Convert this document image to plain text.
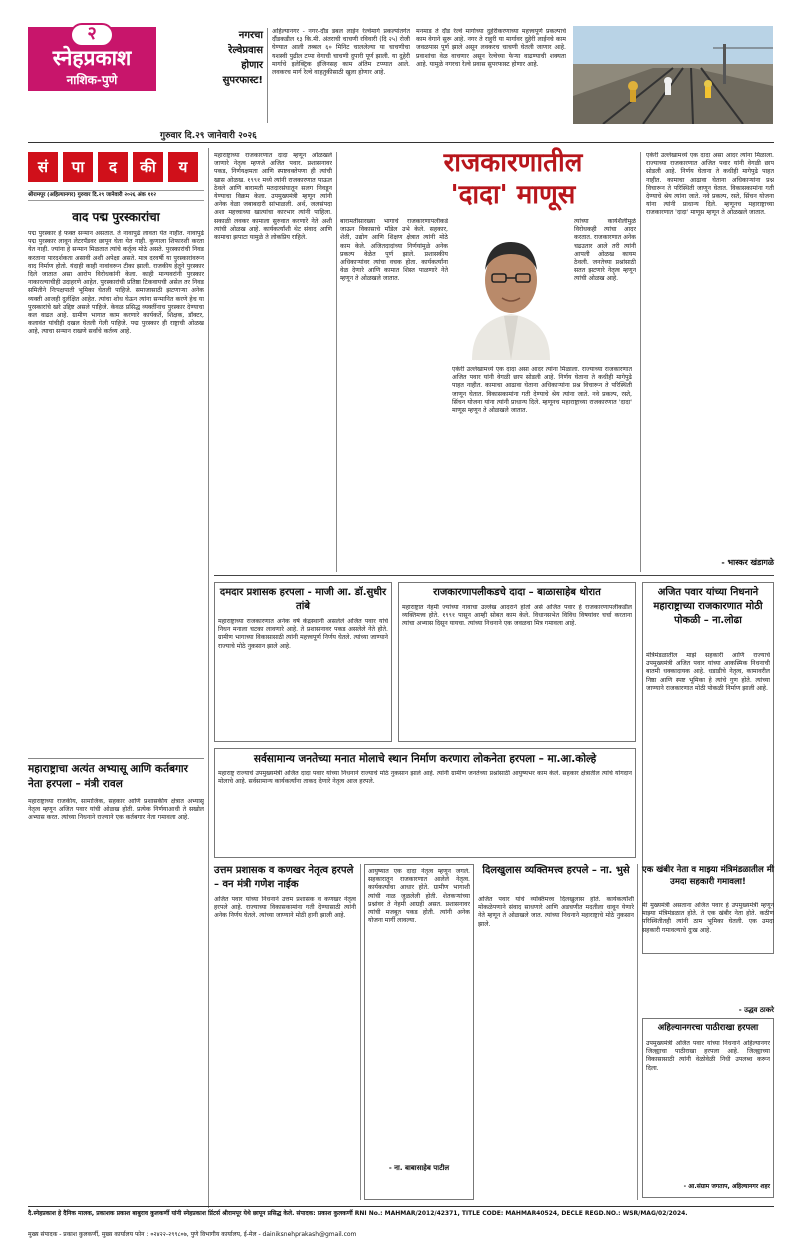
२
स्नेहप्रकाश
नाशिक-पुणे
गुरुवार दि.२९ जानेवारी २०२६
नगरचा
रेल्वेप्रवास
होणार
सुपरफास्ट!
अहिल्यानगर - नगर-दौंड डबल लाईन रेल्वेमार्ग प्रकल्पांतर्गत दौंडकडील १३ कि.मी. अंतराची चाचणी रविवारी (दि २५) रोजी घेण्यात आली तब्बल ६० मिनिट चाललेल्या या चाचणीचा यशस्वी पुढील टप्पा वेगाची चाचणी दुपारी पूर्ण झाली. या दुहेरी मार्गाचे इलेक्ट्रिक इंजिनसह काम अंतिम टप्प्यात आले. लवकरच मार्ग रेल्वे वाहतुकीसाठी खुला होणार आहे.
मनमाड ते दौंड रेल्वे मार्गाच्या दुहेरीकरणाच्या महत्त्वपूर्ण प्रकल्पाचे काम वेगाने सुरू आहे. नगर ते राहुरी या मार्गावर दुहेरी लाईनचे काम जवळपास पूर्ण झाले असून लवकरच चाचणी घेतली जाणार आहे. प्रवाशांचा वेळ वाचणार असून रेल्वेच्या फेऱ्या वाढण्याची शक्यता आहे. यामुळे नगरचा रेल्वे प्रवास सुपरफास्ट होणार आहे.
सं	पा	द	की	य
श्रीरामपूर (अहिल्यानगर) गुरुवार दि.२९ जानेवारी २०२६ अंक ११२
वाद पद्म पुरस्कारांचा
पद्म पुरस्कार हे फक्त सन्मान असतात. ते नावापुढे लावता येत नाहीत. नावापुढे पद्म पुरस्कार लावून लेटरपॅडवर छापून घेता येत नाही. कुणाला शिफारशी करता येत नाही. ज्यांना हे सन्मान मिळतात त्यांचे कर्तृत्व मोठे असते. पुरस्कारांची निवड करताना पारदर्शकता असावी अशी अपेक्षा असते. मात्र दरवर्षी या पुरस्कारांवरून वाद निर्माण होतो. यंदाही काही नावांवरून टीका झाली. राजकीय हेतूने पुरस्कार दिले जातात असा आरोप विरोधकांनी केला. काही मान्यवरांनी पुरस्कार नाकारल्याचीही उदाहरणे आहेत. पुरस्कारांची प्रतिष्ठा टिकवायची असेल तर निवड समितीने निःपक्षपाती भूमिका घेतली पाहिजे. समाजासाठी झटणाऱ्या अनेक व्यक्ती आजही दुर्लक्षित आहेत. त्यांचा शोध घेऊन त्यांना सन्मानित करणे हेच या पुरस्कारांचे खरे उद्दिष्ट असले पाहिजे. केवळ प्रसिद्ध व्यक्तींनाच पुरस्कार देण्याचा कल वाढत आहे. ग्रामीण भागात काम करणारे कार्यकर्ते, शिक्षक, डॉक्टर, कलावंत यांचीही दखल घेतली गेली पाहिजे. पद्म पुरस्कार ही राष्ट्राची ओळख आहे, त्याचा सन्मान राखणे सर्वांचे कर्तव्य आहे.
महाराष्ट्राचा अत्यंत अभ्यासू आणि कर्तबगार नेता हरपला – मंत्री रावल
महाराष्ट्राच्या राजकीय, सामाजिक, सहकार आणि प्रशासकीय क्षेत्रात अभ्यासू नेतृत्व म्हणून अजित पवार यांची ओळख होती. प्रत्येक निर्णयाआधी ते सखोल अभ्यास करत. त्यांच्या निधनाने राज्याने एक कर्तबगार नेता गमावला आहे.
महाराष्ट्राच्या राजकारणात दादा म्हणून ओळखले जाणारे नेतृत्व म्हणजे अजित पवार. प्रशासनावर पकड, निर्णयक्षमता आणि स्पष्टवक्तेपणा ही त्यांची खास ओळख. १९९१ मध्ये त्यांनी राजकारणात पाऊल ठेवले आणि बारामती मतदारसंघातून सलग निवडून येण्याचा विक्रम केला. उपमुख्यमंत्री म्हणून त्यांनी अनेक वेळा जबाबदारी सांभाळली. अर्थ, जलसंपदा अशा महत्त्वाच्या खात्यांचा कारभार त्यांनी पाहिला. सकाळी लवकर कामाला सुरुवात करणारे नेते अशी त्यांची ओळख आहे. कार्यकर्त्यांशी थेट संवाद आणि कामाचा झपाटा यामुळे ते लोकप्रिय राहिले.
राजकारणातील
'दादा' माणूस
बारामतीसारख्या भागाचे राजकारणापलीकडे जाऊन विकासाचे मॉडेल उभे केले. सहकार, शेती, उद्योग आणि शिक्षण क्षेत्रात त्यांनी मोठे काम केले. अजितदादांच्या निर्णयांमुळे अनेक प्रकल्प वेळेत पूर्ण झाले. प्रशासकीय अधिकाऱ्यांवर त्यांचा वचक होता. कार्यकर्त्यांना वेळ देणारे आणि कामात शिस्त पाळणारे नेते म्हणून ते ओळखले जातात.
त्यांच्या कार्यशैलीमुळे विरोधकही त्यांचा आदर करतात. राजकारणात अनेक चढउतार आले तरी त्यांनी आपली ओळख कायम ठेवली. जनतेच्या प्रश्नांसाठी सतत झटणारे नेतृत्व म्हणून त्यांची ओळख आहे.
एकेरी उल्लेखामध्ये एक दादा असा आदर त्यांना मिळाला. राज्याच्या राजकारणात अजित पवार यांनी वेगळी छाप सोडली आहे. निर्णय घेताना ते कधीही मागेपुढे पाहत नाहीत. कामाचा आढावा घेताना अधिकाऱ्यांना प्रश्न विचारून ते परिस्थिती जाणून घेतात. विकासकामांना गती देण्याचे श्रेय त्यांना जाते. नवे प्रकल्प, रस्ते, सिंचन योजना यांना त्यांनी प्राधान्य दिले. म्हणूनच महाराष्ट्राच्या राजकारणात 'दादा' माणूस म्हणून ते ओळखले जातात.
एकेरी उल्लेखामध्ये एक दादा असा आदर त्यांना मिळाला. राज्याच्या राजकारणात अजित पवार यांनी वेगळी छाप सोडली आहे. निर्णय घेताना ते कधीही मागेपुढे पाहत नाहीत. कामाचा आढावा घेताना अधिकाऱ्यांना प्रश्न विचारून ते परिस्थिती जाणून घेतात. विकासकामांना गती देण्याचे श्रेय त्यांना जाते. नवे प्रकल्प, रस्ते, सिंचन योजना यांना त्यांनी प्राधान्य दिले. म्हणूनच महाराष्ट्राच्या राजकारणात 'दादा' माणूस म्हणून ते ओळखले जातात.
- भास्कर खंडागळे
दमदार प्रशासक हरपला - माजी आ. डॉ.सुधीर तांबे
महाराष्ट्राच्या राजकारणात अनेक वर्षे केंद्रस्थानी असलेले अजित पवार यांचे निधन मनाला चटका लावणारे आहे. ते प्रशासनावर पकड असलेले नेते होते. ग्रामीण भागाच्या विकासासाठी त्यांनी महत्त्वपूर्ण निर्णय घेतले. त्यांच्या जाण्याने राज्याचे मोठे नुकसान झाले आहे.
राजकारणापलीकडचे दादा – बाळासाहेब थोरात
महाराष्ट्रात नेहमी ज्यांच्या नावाचा उल्लेख आदराने होतो असे अजित पवार हे राजकारणापलीकडील व्यक्तिमत्त्व होते. १९९१ पासून आम्ही सोबत काम केले. विधानसभेत विविध विषयांवर चर्चा करताना त्यांचा अभ्यास दिसून यायचा. त्यांच्या निधनाने एक जवळचा मित्र गमावला आहे.
अजित पवार यांच्या निधनाने महाराष्ट्राच्या राजकारणात मोठी पोकळी – ना.लोढा
मंत्रिमंडळातील माझे सहकारी आणि राज्याचे उपमुख्यमंत्री अजित पवार यांच्या आकस्मिक निधनाची बातमी धक्कादायक आहे. धडाडीचे नेतृत्व, कामावरील निष्ठा आणि स्पष्ट भूमिका हे त्यांचे गुण होते. त्यांच्या जाण्याने राजकारणात मोठी पोकळी निर्माण झाली आहे.
सर्वसामान्य जनतेच्या मनात मोलाचे स्थान निर्माण करणारा लोकनेता हरपला – मा.आ.कोल्हे
महाराष्ट्र राज्याचे उपमुख्यमंत्री अजित दादा पवार यांच्या निधनाने राज्याचे मोठे नुकसान झाले आहे. त्यांनी ग्रामीण जनतेच्या प्रश्नांसाठी आयुष्यभर काम केले. सहकार क्षेत्रातील त्यांचे योगदान मोलाचे आहे. सर्वसामान्य कार्यकर्त्यांना ताकद देणारे नेतृत्व आज हरपले.
उत्तम प्रशासक व कणखर नेतृत्व हरपले – वन मंत्री गणेश नाईक
अजित पवार यांच्या निधनाने उत्तम प्रशासक व कणखर नेतृत्व हरपले आहे. राज्याच्या विकासकामांना गती देण्यासाठी त्यांनी अनेक निर्णय घेतले. त्यांच्या जाण्याने मोठी हानी झाली आहे.
आयुष्यात एक दादा नेतृत्व म्हणून जगले. सहकारातून राजकारणात आलेले नेतृत्व. कार्यकर्त्यांचा आधार होते. ग्रामीण भागाशी त्यांची नाळ जुळलेली होती. शेतकऱ्यांच्या प्रश्नांवर ते नेहमी आग्रही असत. प्रशासनावर त्यांची मजबूत पकड होती. त्यांनी अनेक योजना मार्गी लावल्या.
- ना. बाबासाहेब पाटील
दिलखुलास व्यक्तिमत्त्व हरपले – ना. भुसे
अजित पवार यांचे व्यक्तिमत्त्व दिलखुलास होते. कार्यकर्त्यांशी मोकळेपणाने संवाद साधणारे आणि अडचणीत मदतीला धावून येणारे नेते म्हणून ते ओळखले जात. त्यांच्या निधनाने महाराष्ट्राचे मोठे नुकसान झाले.
एक खंबीर नेता व माझ्या मंत्रिमंडळातील मी उमदा सहकारी गमावला!
मी मुख्यमंत्री असताना अजित पवार हे उपमुख्यमंत्री म्हणून माझ्या मंत्रिमंडळात होते. ते एक खंबीर नेता होते. कठीण परिस्थितीतही त्यांनी ठाम भूमिका घेतली. एक उमदा सहकारी गमावल्याचे दुःख आहे.
- उद्धव ठाकरे
अहिल्यानगरचा पाठीराखा हरपला
उपमुख्यमंत्री अजित पवार यांच्या निधनाने अहिल्यानगर जिल्ह्याचा पाठीराखा हरपला आहे. जिल्ह्याच्या विकासासाठी त्यांनी वेळोवेळी निधी उपलब्ध करून दिला.
- आ.संग्राम जगताप, अहिल्यानगर शहर
दै.स्नेहप्रकाश हे दैनिक मालक, प्रकाशक प्रकाश बाबुराव कुलकर्णी यांनी स्नेहप्रकाश प्रिंटर्स श्रीरामपूर येथे छापून प्रसिद्ध केले. संपादक: प्रकाश कुलकर्णी RNI No.: MAHMAR/2012/42371, TITLE CODE: MAHMAR40524, DECLE REGD.NO.: WSR/MAG/02/2024.
मुख्य संपादक - प्रकाश कुलकर्णी, मुख्य कार्यालय फोन : ०२४२२-२९९८०७, पुणे विभागीय कार्यालय, ई-मेल - dainiksnehprakash@gmail.com
